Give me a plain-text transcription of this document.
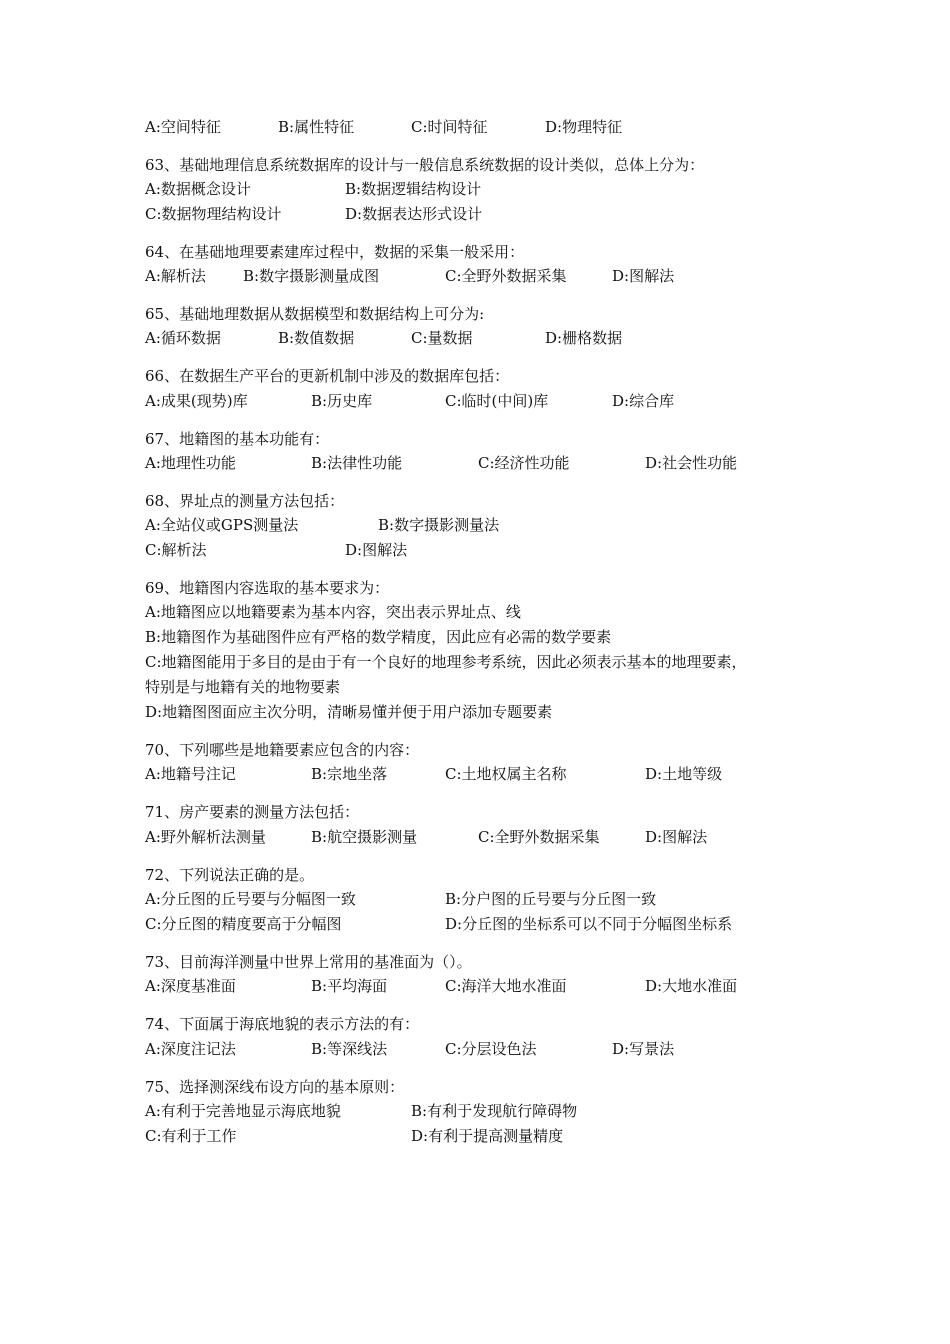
A:空间特征	B:属性特征	C:时间特征	D:物理特征
63、基础地理信息系统数据库的设计与一般信息系统数据的设计类似，总体上分为：
A:数据概念设计	B:数据逻辑结构设计
C:数据物理结构设计	D:数据表达形式设计
64、在基础地理要素建库过程中，数据的采集一般采用：
A:解析法 B:数字摄影测量成图	C:全野外数据采集	D:图解法
65、基础地理数据从数据模型和数据结构上可分为:
A:循环数据	B:数值数据	C:量数据	D:栅格数据
66、在数据生产平台的更新机制中涉及的数据库包括：
A:成果(现势)库	B:历史库	C:临时(中间)库	D:综合库
67、地籍图的基本功能有：
A:地理性功能	B:法律性功能	C:经济性功能	D:社会性功能
68、界址点的测量方法包括：
A:全站仪或GPS测量法	B:数字摄影测量法
C:解析法	D:图解法
69、地籍图内容选取的基本要求为：
A:地籍图应以地籍要素为基本内容，突出表示界址点、线
B:地籍图作为基础图件应有严格的数学精度，因此应有必需的数学要素
C:地籍图能用于多目的是由于有一个良好的地理参考系统，因此必须表示基本的地理要素，
特别是与地籍有关的地物要素
D:地籍图图面应主次分明，清晰易懂并便于用户添加专题要素
70、下列哪些是地籍要素应包含的内容：
A:地籍号注记	B:宗地坐落	C:土地权属主名称	D:土地等级
71、房产要素的测量方法包括：
A:野外解析法测量	B:航空摄影测量	C:全野外数据采集	D:图解法
72、下列说法正确的是。
A:分丘图的丘号要与分幅图一致	B:分户图的丘号要与分丘图一致
C:分丘图的精度要高于分幅图	D:分丘图的坐标系可以不同于分幅图坐标系
73、目前海洋测量中世界上常用的基准面为（）。
A:深度基准面	B:平均海面	C:海洋大地水准面	D:大地水准面
74、下面属于海底地貌的表示方法的有：
A:深度注记法	B:等深线法	C:分层设色法	D:写景法
75、选择测深线布设方向的基本原则：
A:有利于完善地显示海底地貌	B:有利于发现航行障碍物
C:有利于工作	D:有利于提高测量精度
